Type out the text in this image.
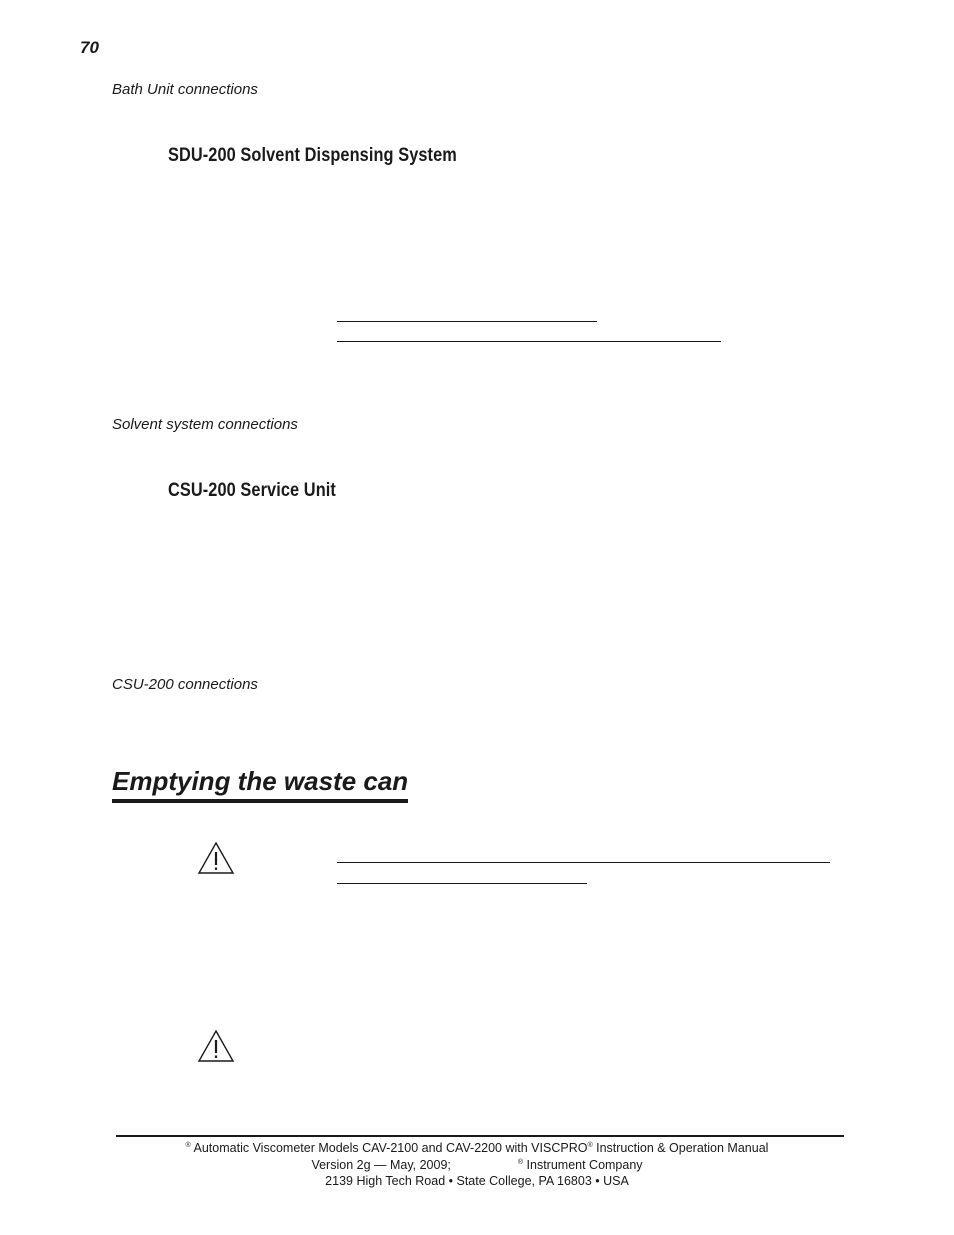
70
Bath Unit connections
SDU-200 Solvent Dispensing System
Solvent system connections
CSU-200 Service Unit
CSU-200 connections
Emptying the waste can
® Automatic Viscometer Models CAV-2100 and CAV-2200 with VISCPRO® Instruction & Operation Manual
Version 2g — May, 2009;	® Instrument Company
2139 High Tech Road • State College, PA 16803 • USA
